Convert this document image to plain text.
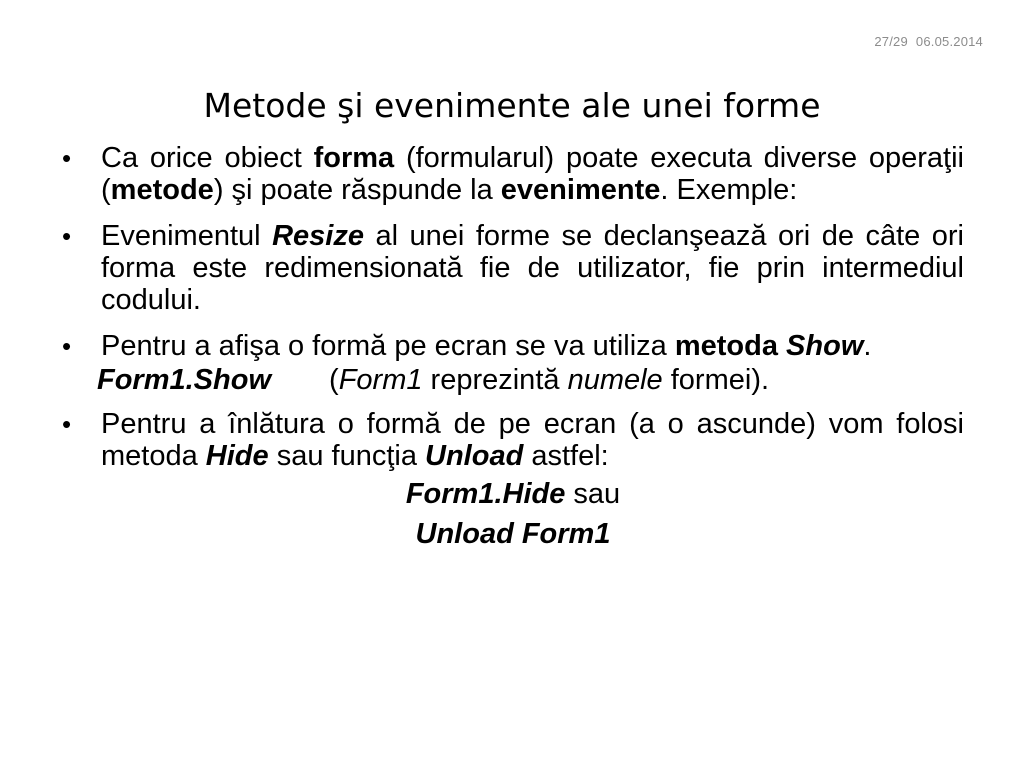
27/29 06.05.2014
Metode şi evenimente ale unei forme
• Ca orice obiect forma (formularul) poate executa diverse operaţii (metode) şi poate răspunde la evenimente. Exemple:
• Evenimentul Resize al unei forme se declanşează ori de câte ori forma este redimensionată fie de utilizator, fie prin intermediul codului.
• Pentru a afişa o formă pe ecran se va utiliza metoda Show.
Form1.Show (Form1 reprezintă numele formei).
• Pentru a înlătura o formă de pe ecran (a o ascunde) vom folosi metoda Hide sau funcţia Unload astfel:
Form1.Hide sau
Unload Form1
